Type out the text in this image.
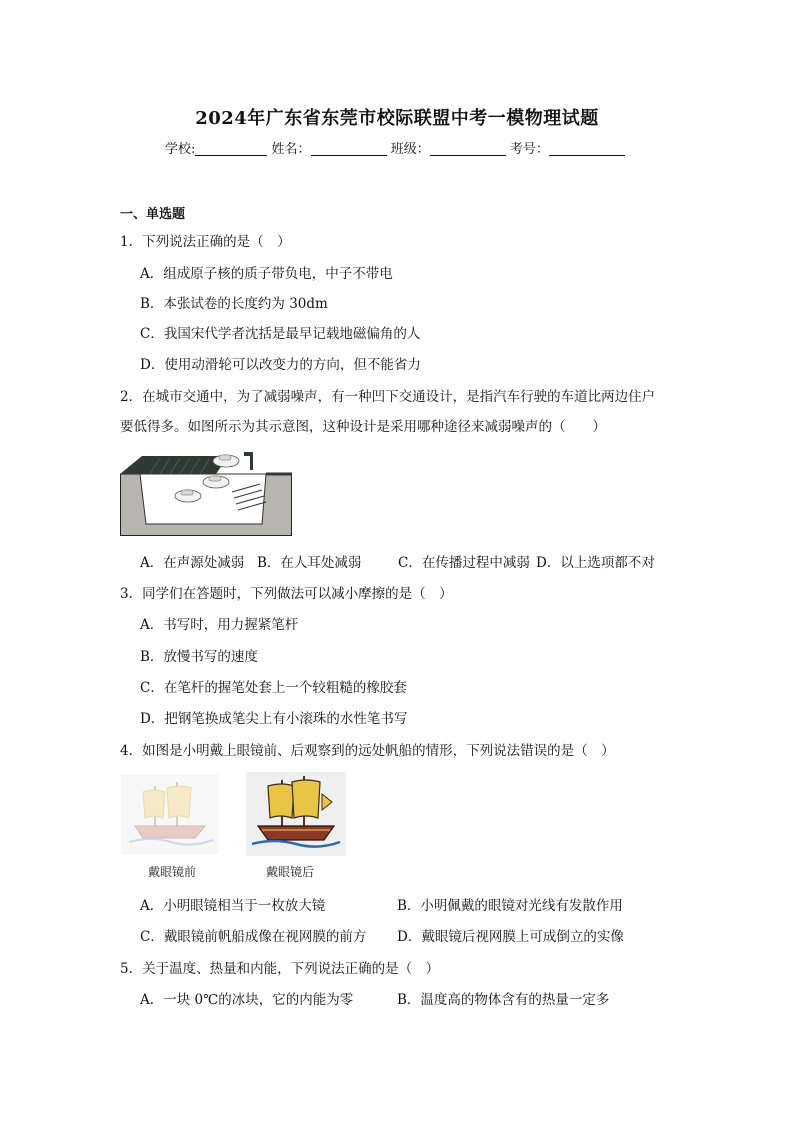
2024年广东省东莞市校际联盟中考一模物理试题
学校:	姓名：	班级：	考号：
一、单选题
1．下列说法正确的是（　）
A．组成原子核的质子带负电，中子不带电
B．本张试卷的长度约为 30dm
C．我国宋代学者沈括是最早记载地磁偏角的人
D．使用动滑轮可以改变力的方向，但不能省力
2．在城市交通中，为了减弱噪声，有一种凹下交通设计，是指汽车行驶的车道比两边住户
要低得多。如图所示为其示意图，这种设计是采用哪种途径来减弱噪声的（　　）
A．在声源处减弱 B．在人耳处减弱	C．在传播过程中减弱 D．以上选项都不对
3．同学们在答题时，下列做法可以减小摩擦的是（　）
A．书写时，用力握紧笔杆
B．放慢书写的速度
C．在笔杆的握笔处套上一个较粗糙的橡胶套
D．把钢笔换成笔尖上有小滚珠的水性笔书写
4．如图是小明戴上眼镜前、后观察到的远处帆船的情形，下列说法错误的是（　）
戴眼镜前	戴眼镜后
A．小明眼镜相当于一枚放大镜	B．小明佩戴的眼镜对光线有发散作用
C．戴眼镜前帆船成像在视网膜的前方 D．戴眼镜后视网膜上可成倒立的实像
5．关于温度、热量和内能，下列说法正确的是（　）
A．一块 0℃的冰块，它的内能为零	B．温度高的物体含有的热量一定多
